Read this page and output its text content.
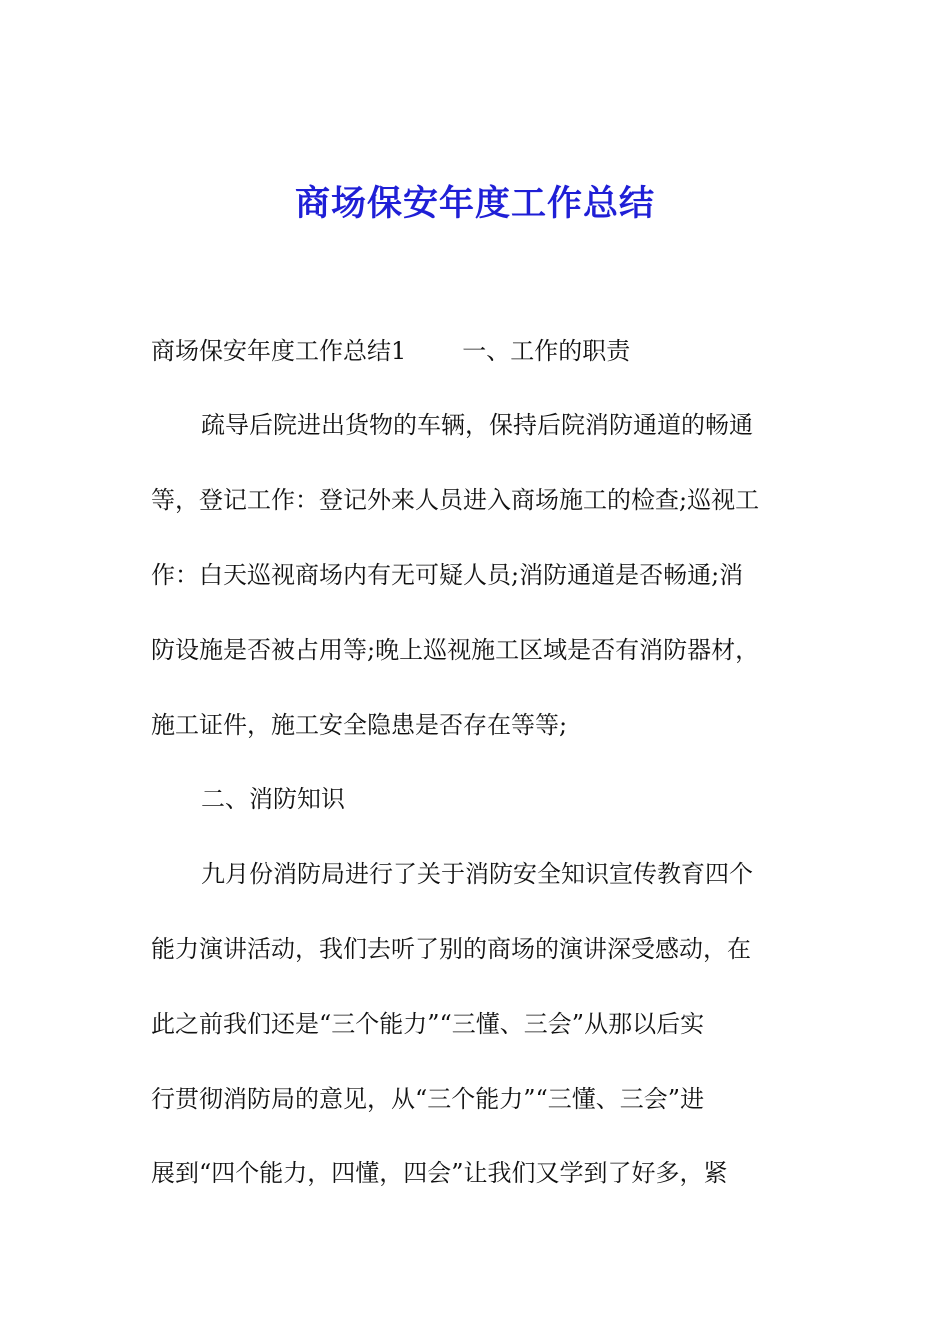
商场保安年度工作总结

商场保安年度工作总结1 一、工作的职责

疏导后院进出货物的车辆，保持后院消防通道的畅通

等，登记工作：登记外来人员进入商场施工的检查;巡视工

作：白天巡视商场内有无可疑人员;消防通道是否畅通;消

防设施是否被占用等;晚上巡视施工区域是否有消防器材，

施工证件，施工安全隐患是否存在等等;

二、消防知识

九月份消防局进行了关于消防安全知识宣传教育四个

能力演讲活动，我们去听了别的商场的演讲深受感动，在

此之前我们还是“三个能力”“三懂、三会”从那以后实

行贯彻消防局的意见，从“三个能力”“三懂、三会”进

展到“四个能力，四懂，四会”让我们又学到了好多，紧
